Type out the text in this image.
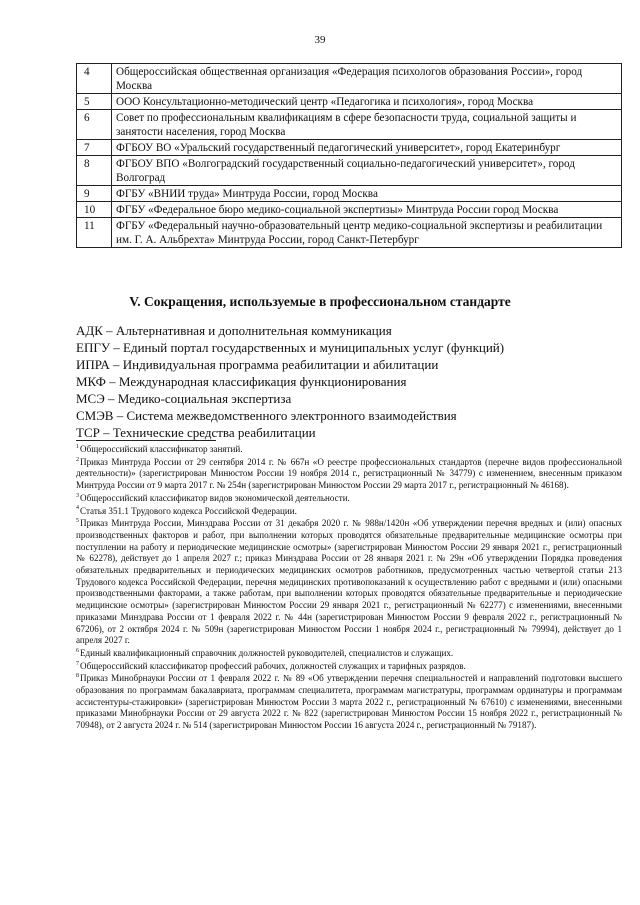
39
4	Общероссийская общественная организация «Федерация психологов образования России», город Москва
5	ООО Консультационно-методический центр «Педагогика и психология», город Москва
6	Совет по профессиональным квалификациям в сфере безопасности труда, социальной защиты и занятости населения, город Москва
7	ФГБОУ ВО «Уральский государственный педагогический университет», город Екатеринбург
8	ФГБОУ ВПО «Волгоградский государственный социально-педагогический университет», город Волгоград
9	ФГБУ «ВНИИ труда» Минтруда России, город Москва
10	ФГБУ «Федеральное бюро медико-социальной экспертизы» Минтруда России город Москва
11	ФГБУ «Федеральный научно-образовательный центр медико-социальной экспертизы и реабилитации им. Г. А. Альбрехта» Минтруда России, город Санкт-Петербург
V. Сокращения, используемые в профессиональном стандарте
АДК – Альтернативная и дополнительная коммуникация
ЕПГУ – Единый портал государственных и муниципальных услуг (функций)
ИПРА – Индивидуальная программа реабилитации и абилитации
МКФ – Международная классификация функционирования
МСЭ – Медико-социальная экспертиза
СМЭВ – Система межведомственного электронного взаимодействия
ТСР – Технические средства реабилитации

$^1$Общероссийский классификатор занятий.

$^2$Приказ Минтруда России от 29 сентября 2014 г. № 667н «О реестре профессиональных стандартов (перечне видов профессиональной деятельности)» (зарегистрирован Минюстом России 19 ноября 2014 г., регистрационный № 34779) с изменением, внесенным приказом Минтруда России от 9 марта 2017 г. № 254н (зарегистрирован Минюстом России 29 марта 2017 г., регистрационный № 46168).

$^3$Общероссийский классификатор видов экономической деятельности.

$^4$Статья 351.1 Трудового кодекса Российской Федерации.

$^5$Приказ Минтруда России, Минздрава России от 31 декабря 2020 г. № 988н/1420н «Об утверждении перечня вредных и (или) опасных производственных факторов и работ, при выполнении которых проводятся обязательные предварительные медицинские осмотры при поступлении на работу и периодические медицинские осмотры» (зарегистрирован Минюстом России 29 января 2021 г., регистрационный № 62278), действует до 1 апреля 2027 г.; приказ Минздрава России от 28 января 2021 г. № 29н «Об утверждении Порядка проведения обязательных предварительных и периодических медицинских осмотров работников, предусмотренных частью четвертой статьи 213 Трудового кодекса Российской Федерации, перечня медицинских противопоказаний к осуществлению работ с вредными и (или) опасными производственными факторами, а также работам, при выполнении которых проводятся обязательные предварительные и периодические медицинские осмотры» (зарегистрирован Минюстом России 29 января 2021 г., регистрационный № 62277) с изменениями, внесенными приказами Минздрава России от 1 февраля 2022 г. № 44н (зарегистрирован Минюстом России 9 февраля 2022 г., регистрационный № 67206), от 2 октября 2024 г. № 509н (зарегистрирован Минюстом России 1 ноября 2024 г., регистрационный № 79994), действует до 1 апреля 2027 г.

$^6$Единый квалификационный справочник должностей руководителей, специалистов и служащих.

$^7$Общероссийский классификатор профессий рабочих, должностей служащих и тарифных разрядов.

$^8$Приказ Минобрнауки России от 1 февраля 2022 г. № 89 «Об утверждении перечня специальностей и направлений подготовки высшего образования по программам бакалавриата, программам специалитета, программам магистратуры, программам ординатуры и программам ассистентуры-стажировки» (зарегистрирован Минюстом России 3 марта 2022 г., регистрационный № 67610) с изменениями, внесенными приказами Минобрнауки России от 29 августа 2022 г. № 822 (зарегистрирован Минюстом России 15 ноября 2022 г., регистрационный № 70948), от 2 августа 2024 г. № 514 (зарегистрирован Минюстом России 16 августа 2024 г., регистрационный № 79187).
